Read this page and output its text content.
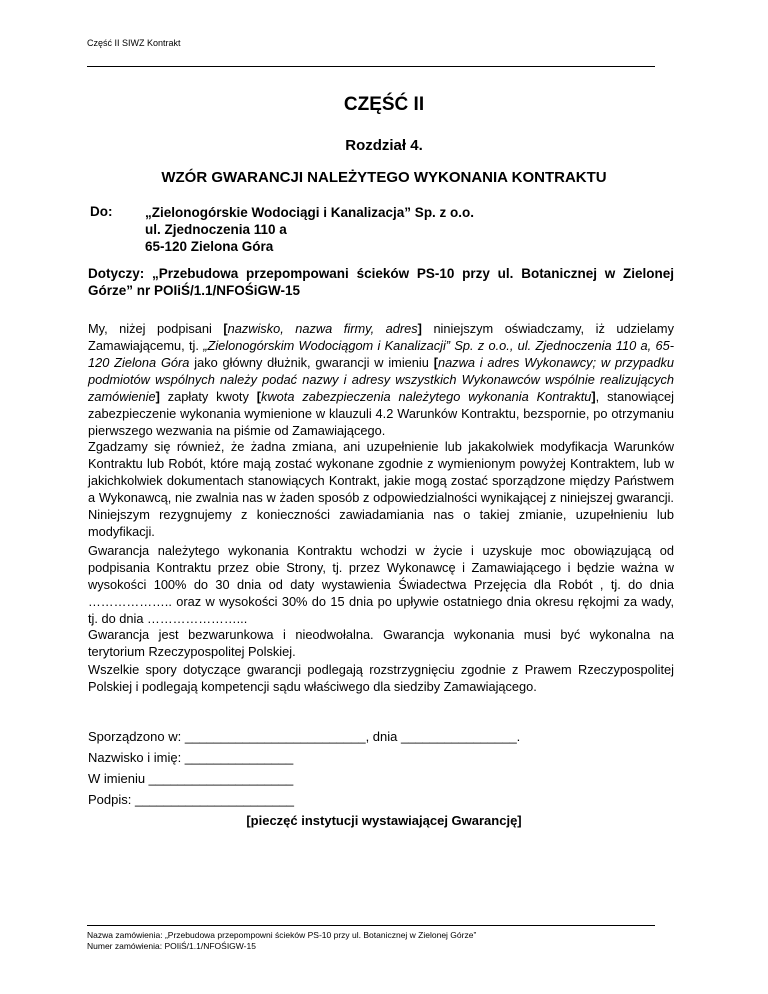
Część II SIWZ Kontrakt
CZĘŚĆ II
Rozdział 4.
WZÓR GWARANCJI NALEŻYTEGO WYKONANIA KONTRAKTU
Do: „Zielonogórskie Wodociągi i Kanalizacja” Sp. z o.o.
ul. Zjednoczenia 110 a
65-120 Zielona Góra
Dotyczy: „Przebudowa przepompowani ścieków PS-10 przy ul. Botanicznej w Zielonej Górze” nr POIiŚ/1.1/NFOŚiGW-15
My, niżej podpisani [nazwisko, nazwa firmy, adres] niniejszym oświadczamy, iż udzielamy Zamawiającemu, tj. „Zielonogórskim Wodociągom i Kanalizacji” Sp. z o.o., ul. Zjednoczenia 110 a, 65-120 Zielona Góra jako główny dłużnik, gwarancji w imieniu [nazwa i adres Wykonawcy; w przypadku podmiotów wspólnych należy podać nazwy i adresy wszystkich Wykonawców wspólnie realizujących zamówienie] zapłaty kwoty [kwota zabezpieczenia należytego wykonania Kontraktu], stanowiącej zabezpieczenie wykonania wymienione w klauzuli 4.2 Warunków Kontraktu, bezspornie, po otrzymaniu pierwszego wezwania na piśmie od Zamawiającego.
Zgadzamy się również, że żadna zmiana, ani uzupełnienie lub jakakolwiek modyfikacja Warunków Kontraktu lub Robót, które mają zostać wykonane zgodnie z wymienionym powyżej Kontraktem, lub w jakichkolwiek dokumentach stanowiących Kontrakt, jakie mogą zostać sporządzone między Państwem a Wykonawcą, nie zwalnia nas w żaden sposób z odpowiedzialności wynikającej z niniejszej gwarancji. Niniejszym rezygnujemy z konieczności zawiadamiania nas o takiej zmianie, uzupełnieniu lub modyfikacji.
Gwarancja należytego wykonania Kontraktu wchodzi w życie i uzyskuje moc obowiązującą od podpisania Kontraktu przez obie Strony, tj. przez Wykonawcę i Zamawiającego i będzie ważna w wysokości 100% do 30 dnia od daty wystawienia Świadectwa Przejęcia dla Robót , tj. do dnia ……………….. oraz w wysokości 30% do 15 dnia po upływie ostatniego dnia okresu rękojmi za wady, tj. do dnia …………………...
Gwarancja jest bezwarunkowa i nieodwołalna. Gwarancja wykonania musi być wykonalna na terytorium Rzeczypospolitej Polskiej.
Wszelkie spory dotyczące gwarancji podlegają rozstrzygnięciu zgodnie z Prawem Rzeczypospolitej Polskiej i podlegają kompetencji sądu właściwego dla siedziby Zamawiającego.
Sporządzono w: _________________________, dnia ________________.
Nazwisko i imię: _______________
W imieniu ____________________
Podpis: ______________________
[pieczęć instytucji wystawiającej Gwarancję]
Nazwa zamówienia: „Przebudowa przepompowni ścieków PS-10 przy ul. Botanicznej w Zielonej Górze”
Numer zamówienia: POIiŚ/1.1/NFOŚIGW-15
